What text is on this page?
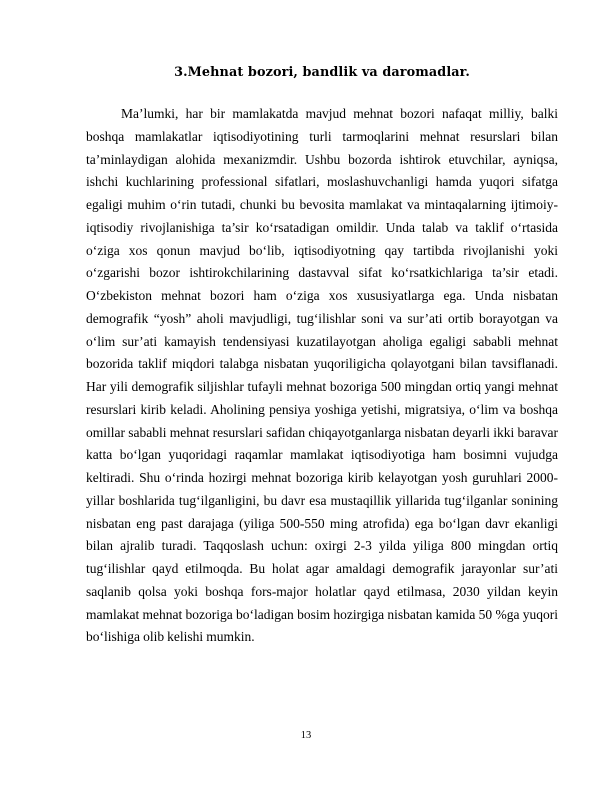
3.Mehnat bozori, bandlik va daromadlar.

Ma’lumki, har bir mamlakatda mavjud mehnat bozori nafaqat milliy, balki boshqa mamlakatlar iqtisodiyotining turli tarmoqlarini mehnat resurslari bilan ta’minlaydigan alohida mexanizmdir. Ushbu bozorda ishtirok etuvchilar, ayniqsa, ishchi kuchlarining professional sifatlari, moslashuvchanligi hamda yuqori sifatga egaligi muhim o‘rin tutadi, chunki bu bevosita mamlakat va mintaqalarning ijtimoiy-iqtisodiy rivojlanishiga ta’sir ko‘rsatadigan omildir. Unda talab va taklif o‘rtasida o‘ziga xos qonun mavjud bo‘lib, iqtisodiyotning qay tartibda rivojlanishi yoki o‘zgarishi bozor ishtirokchilarining dastavval sifat ko‘rsatkichlariga ta’sir etadi. O‘zbekiston mehnat bozori ham o‘ziga xos xususiyatlarga ega. Unda nisbatan demografik “yosh” aholi mavjudligi, tug‘ilishlar soni va sur’ati ortib borayotgan va o‘lim sur’ati kamayish tendensiyasi kuzatilayotgan aholiga egaligi sababli mehnat bozorida taklif miqdori talabga nisbatan yuqoriligicha qolayotgani bilan tavsiflanadi. Har yili demografik siljishlar tufayli mehnat bozoriga 500 mingdan ortiq yangi mehnat resurslari kirib keladi. Aholining pensiya yoshiga yetishi, migratsiya, o‘lim va boshqa omillar sababli mehnat resurslari safidan chiqayotganlarga nisbatan deyarli ikki baravar katta bo‘lgan yuqoridagi raqamlar mamlakat iqtisodiyotiga ham bosimni vujudga keltiradi. Shu o‘rinda hozirgi mehnat bozoriga kirib kelayotgan yosh guruhlari 2000-yillar boshlarida tug‘ilganligini, bu davr esa mustaqillik yillarida tug‘ilganlar sonining nisbatan eng past darajaga (yiliga 500-550 ming atrofida) ega bo‘lgan davr ekanligi bilan ajralib turadi. Taqqoslash uchun: oxirgi 2-3 yilda yiliga 800 mingdan ortiq tug‘ilishlar qayd etilmoqda. Bu holat agar amaldagi demografik jarayonlar sur’ati saqlanib qolsa yoki boshqa fors-major holatlar qayd etilmasa, 2030 yildan keyin mamlakat mehnat bozoriga bo‘ladigan bosim hozirgiga nisbatan kamida 50 %ga yuqori bo‘lishiga olib kelishi mumkin.

13
